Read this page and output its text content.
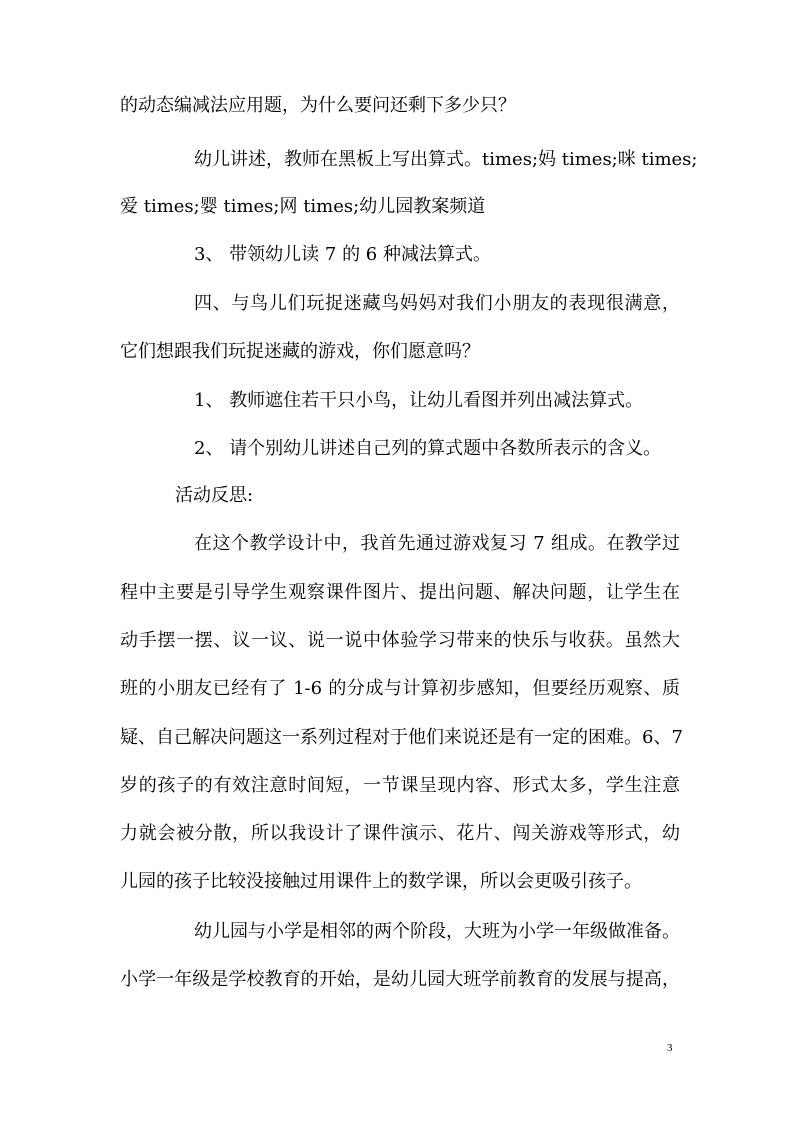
的动态编减法应用题，为什么要问还剩下多少只？
幼儿讲述，教师在黑板上写出算式。times;妈 times;咪 times;
爱 times;婴 times;网 times;幼儿园教案频道
3、 带领幼儿读 7 的 6 种减法算式。
四、与鸟儿们玩捉迷藏鸟妈妈对我们小朋友的表现很满意，
它们想跟我们玩捉迷藏的游戏，你们愿意吗？
1、 教师遮住若干只小鸟，让幼儿看图并列出减法算式。
2、 请个别幼儿讲述自己列的算式题中各数所表示的含义。
活动反思:
在这个教学设计中，我首先通过游戏复习 7 组成。在教学过
程中主要是引导学生观察课件图片、提出问题、解决问题，让学生在
动手摆一摆、议一议、说一说中体验学习带来的快乐与收获。虽然大
班的小朋友已经有了 1-6 的分成与计算初步感知，但要经历观察、质
疑、自己解决问题这一系列过程对于他们来说还是有一定的困难。6、7
岁的孩子的有效注意时间短，一节课呈现内容、形式太多，学生注意
力就会被分散，所以我设计了课件演示、花片、闯关游戏等形式，幼
儿园的孩子比较没接触过用课件上的数学课，所以会更吸引孩子。
幼儿园与小学是相邻的两个阶段，大班为小学一年级做准备。
小学一年级是学校教育的开始，是幼儿园大班学前教育的发展与提高，
3
